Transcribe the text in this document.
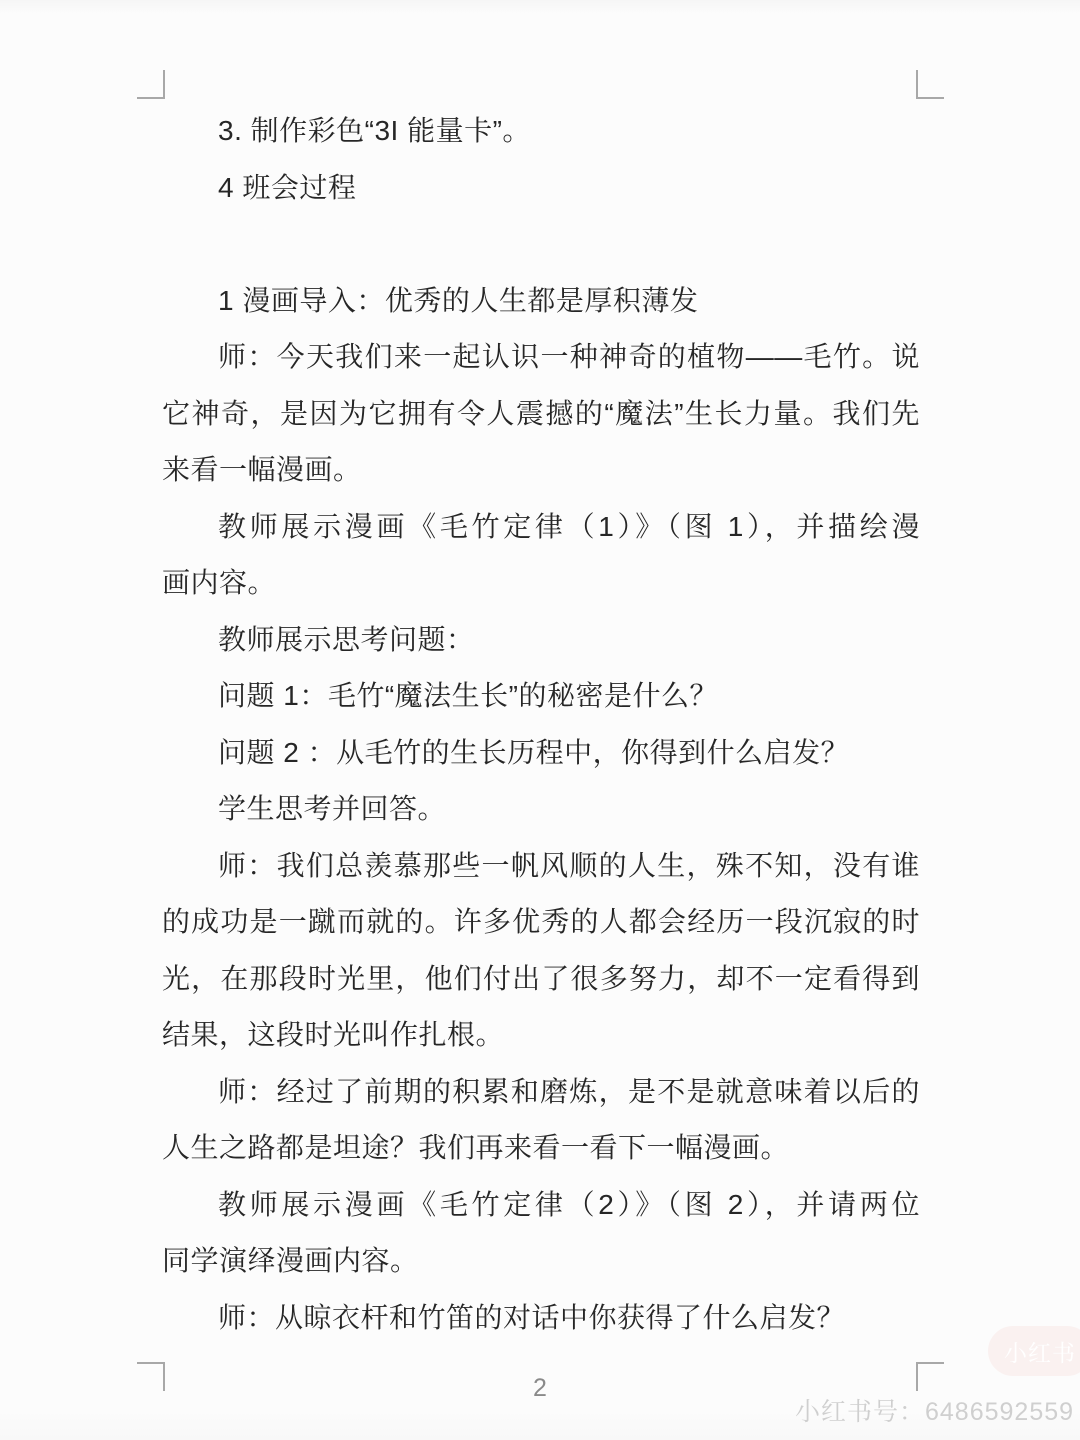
3. 制作彩色“3I 能量卡”。
4 班会过程
1 漫画导入：优秀的人生都是厚积薄发
师：今天我们来一起认识一种神奇的植物——毛竹。说
它神奇，是因为它拥有令人震撼的“魔法”生长力量。我们先
来看一幅漫画。
教师展示漫画《毛竹定律（1）》（图 1），并描绘漫
画内容。
教师展示思考问题：
问题 1：毛竹“魔法生长”的秘密是什么？
问题 2 ：从毛竹的生长历程中，你得到什么启发？
学生思考并回答。
师：我们总羡慕那些一帆风顺的人生，殊不知，没有谁
的成功是一蹴而就的。许多优秀的人都会经历一段沉寂的时
光，在那段时光里，他们付出了很多努力，却不一定看得到
结果，这段时光叫作扎根。
师：经过了前期的积累和磨炼，是不是就意味着以后的
人生之路都是坦途？我们再来看一看下一幅漫画。
教师展示漫画《毛竹定律（2）》（图 2），并请两位
同学演绎漫画内容。
师：从晾衣杆和竹笛的对话中你获得了什么启发？
2
小红书
小红书号：6486592559
